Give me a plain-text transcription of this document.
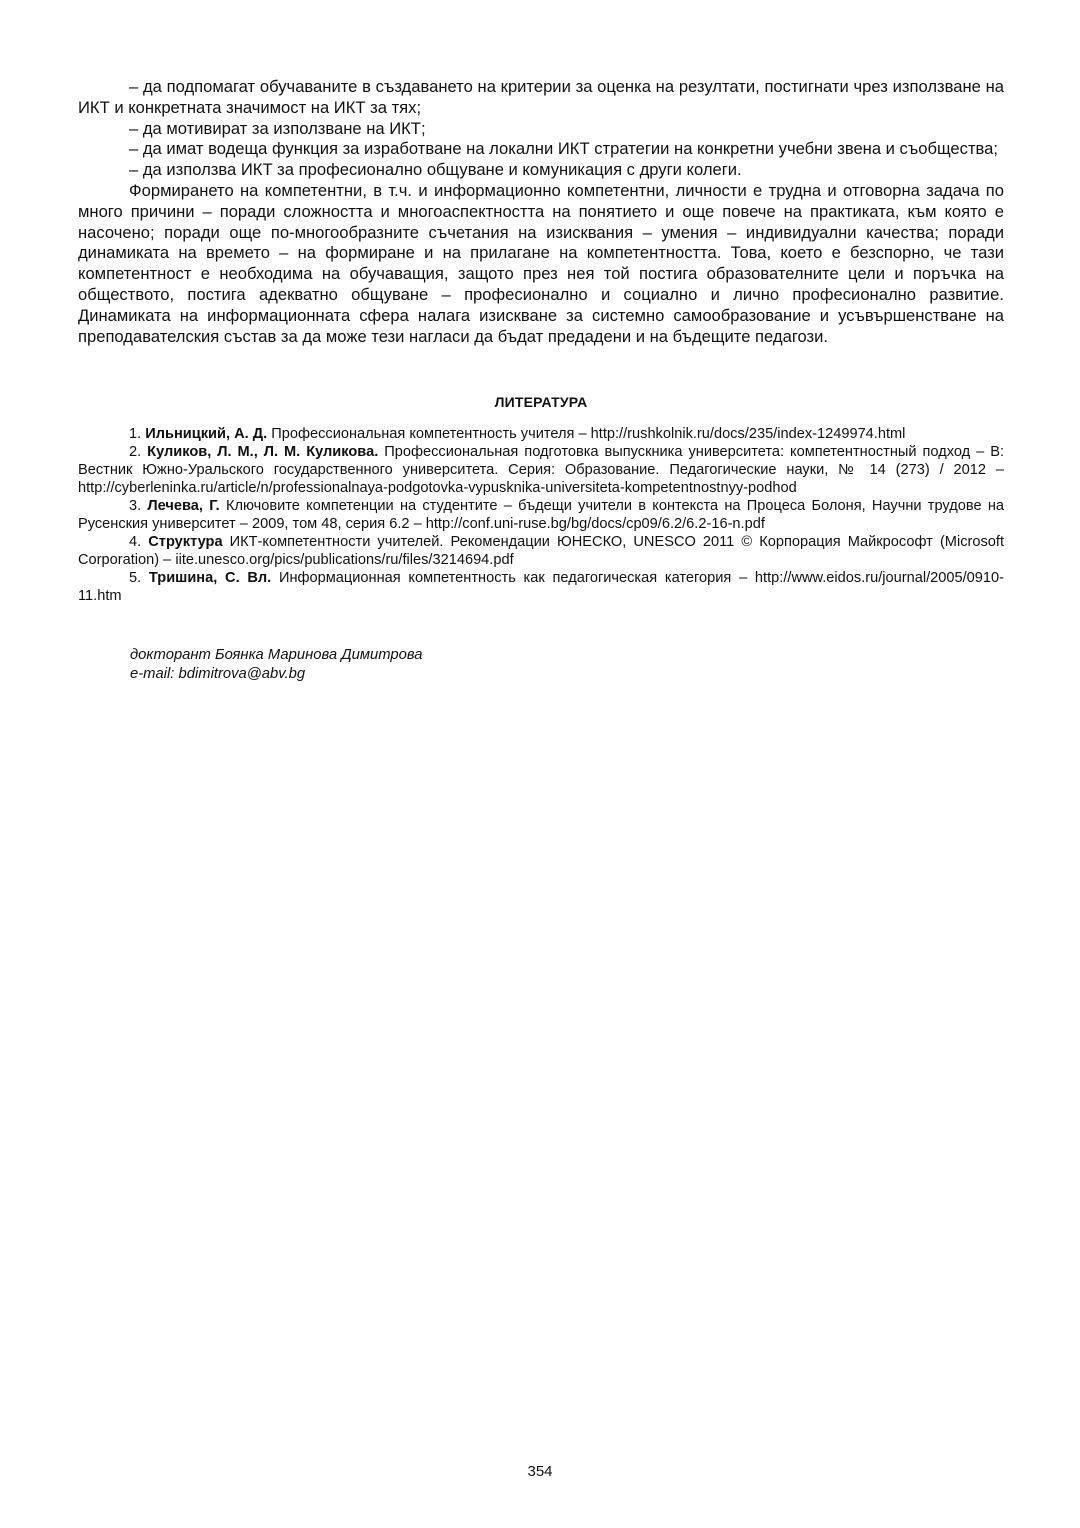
– да подпомагат обучаваните в създаването на критерии за оценка на резултати, постигнати чрез използване на ИКТ и конкретната значимост на ИКТ за тях;

– да мотивират за използване на ИКТ;

– да имат водеща функция за изработване на локални ИКТ стратегии на конкретни учебни звена и съобщества;

– да използва ИКТ за професионално общуване и комуникация с други колеги.

Формирането на компетентни, в т.ч. и информационно компетентни, личности е трудна и отговорна задача по много причини – поради сложността и многоаспектността на понятието и още повече на практиката, към която е насочено; поради още по-многообразните съчетания на изисквания – умения – индивидуални качества; поради динамиката на времето – на формиране и на прилагане на компетентността. Това, което е безспорно, че тази компетентност е необходима на обучаващия, защото през нея той постига образователните цели и поръчка на обществото, постига адекватно общуване – професионално и социално и лично професионално развитие. Динамиката на информационната сфера налага изискване за системно самообразование и усъвършенстване на преподавателския състав за да може тези нагласи да бъдат предадени и на бъдещите педагози.

ЛИТЕРАТУРА

1. Ильницкий, А. Д. Профессиональная компетентность учителя – http://rushkolnik.ru/docs/235/index-1249974.html

2. Куликов, Л. М., Л. М. Куликова. Профессиональная подготовка выпускника университета: компетентностный подход – В: Вестник Южно-Уральского государственного университета. Серия: Образование. Педагогические науки, № 14 (273) / 2012 – http://cyberleninka.ru/article/n/professionalnaya-podgotovka-vypusknika-universiteta-kompetentnostnyy-podhod

3. Лечева, Г. Ключовите компетенции на студентите – бъдещи учители в контекста на Процеса Болоня, Научни трудове на Русенския университет – 2009, том 48, серия 6.2 – http://conf.uni-ruse.bg/bg/docs/cp09/6.2/6.2-16-n.pdf

4. Структура ИКТ-компетентности учителей. Рекомендации ЮНЕСКО, UNESCO 2011 © Корпорация Майкрософт (Microsoft Corporation) – iite.unesco.org/pics/publications/ru/files/3214694.pdf

5. Тришина, С. Вл. Информационная компетентность как педагогическая категория – http://www.eidos.ru/journal/2005/0910-11.htm

докторант Боянка Маринова Димитрова
e-mail: bdimitrova@abv.bg
354
